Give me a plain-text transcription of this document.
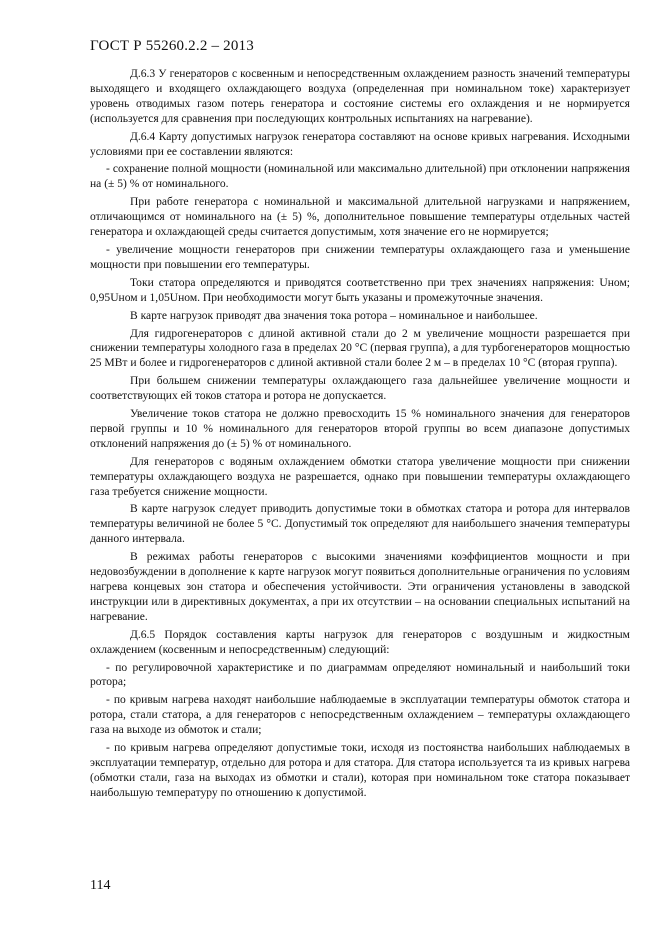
ГОСТ Р 55260.2.2 – 2013

Д.6.3 У генераторов с косвенным и непосредственным охлаждением разность значений температуры выходящего и входящего охлаждающего воздуха (определенная при номинальном токе) характеризует уровень отводимых газом потерь генератора и состояние системы его охлаждения и не нормируется (используется для сравнения при последующих контрольных испытаниях на нагревание).

Д.6.4 Карту допустимых нагрузок генератора составляют на основе кривых нагревания. Исходными условиями при ее составлении являются:

- сохранение полной мощности (номинальной или максимально длительной) при отклонении напряжения на (± 5) % от номинального.

При работе генератора с номинальной и максимальной длительной нагрузками и напряжением, отличающимся от номинального на (± 5) %, дополнительное повышение температуры отдельных частей генератора и охлаждающей среды считается допустимым, хотя значение его не нормируется;

- увеличение мощности генераторов при снижении температуры охлаждающего газа и уменьшение мощности при повышении его температуры.

Токи статора определяются и приводятся соответственно при трех значениях напряжения: Uном; 0,95Uном и 1,05Uном. При необходимости могут быть указаны и промежуточные значения.

В карте нагрузок приводят два значения тока ротора – номинальное и наибольшее.

Для гидрогенераторов с длиной активной стали до 2 м увеличение мощности разрешается при снижении температуры холодного газа в пределах 20 °С (первая группа), а для турбогенераторов мощностью 25 МВт и более и гидрогенераторов с длиной активной стали более 2 м – в пределах 10 °С (вторая группа).

При большем снижении температуры охлаждающего газа дальнейшее увеличение мощности и соответствующих ей токов статора и ротора не допускается.

Увеличение токов статора не должно превосходить 15 % номинального значения для генераторов первой группы и 10 % номинального для генераторов второй группы во всем диапазоне допустимых отклонений напряжения до (± 5) % от номинального.

Для генераторов с водяным охлаждением обмотки статора увеличение мощности при снижении температуры охлаждающего воздуха не разрешается, однако при повышении температуры охлаждающего газа требуется снижение мощности.

В карте нагрузок следует приводить допустимые токи в обмотках статора и ротора для интервалов температуры величиной не более 5 °С. Допустимый ток определяют для наибольшего значения температуры данного интервала.

В режимах работы генераторов с высокими значениями коэффициентов мощности и при недовозбуждении в дополнение к карте нагрузок могут появиться дополнительные ограничения по условиям нагрева концевых зон статора и обеспечения устойчивости. Эти ограничения установлены в заводской инструкции или в директивных документах, а при их отсутствии – на основании специальных испытаний на нагревание.

Д.6.5 Порядок составления карты нагрузок для генераторов с воздушным и жидкостным охлаждением (косвенным и непосредственным) следующий:

- по регулировочной характеристике и по диаграммам определяют номинальный и наибольший токи ротора;

- по кривым нагрева находят наибольшие наблюдаемые в эксплуатации температуры обмоток статора и ротора, стали статора, а для генераторов с непосредственным охлаждением – температуры охлаждающего газа на выходе из обмоток и стали;

- по кривым нагрева определяют допустимые токи, исходя из постоянства наибольших наблюдаемых в эксплуатации температур, отдельно для ротора и для статора. Для статора используется та из кривых нагрева (обмотки стали, газа на выходах из обмотки и стали), которая при номинальном токе статора показывает наибольшую температуру по отношению к допустимой.

114
